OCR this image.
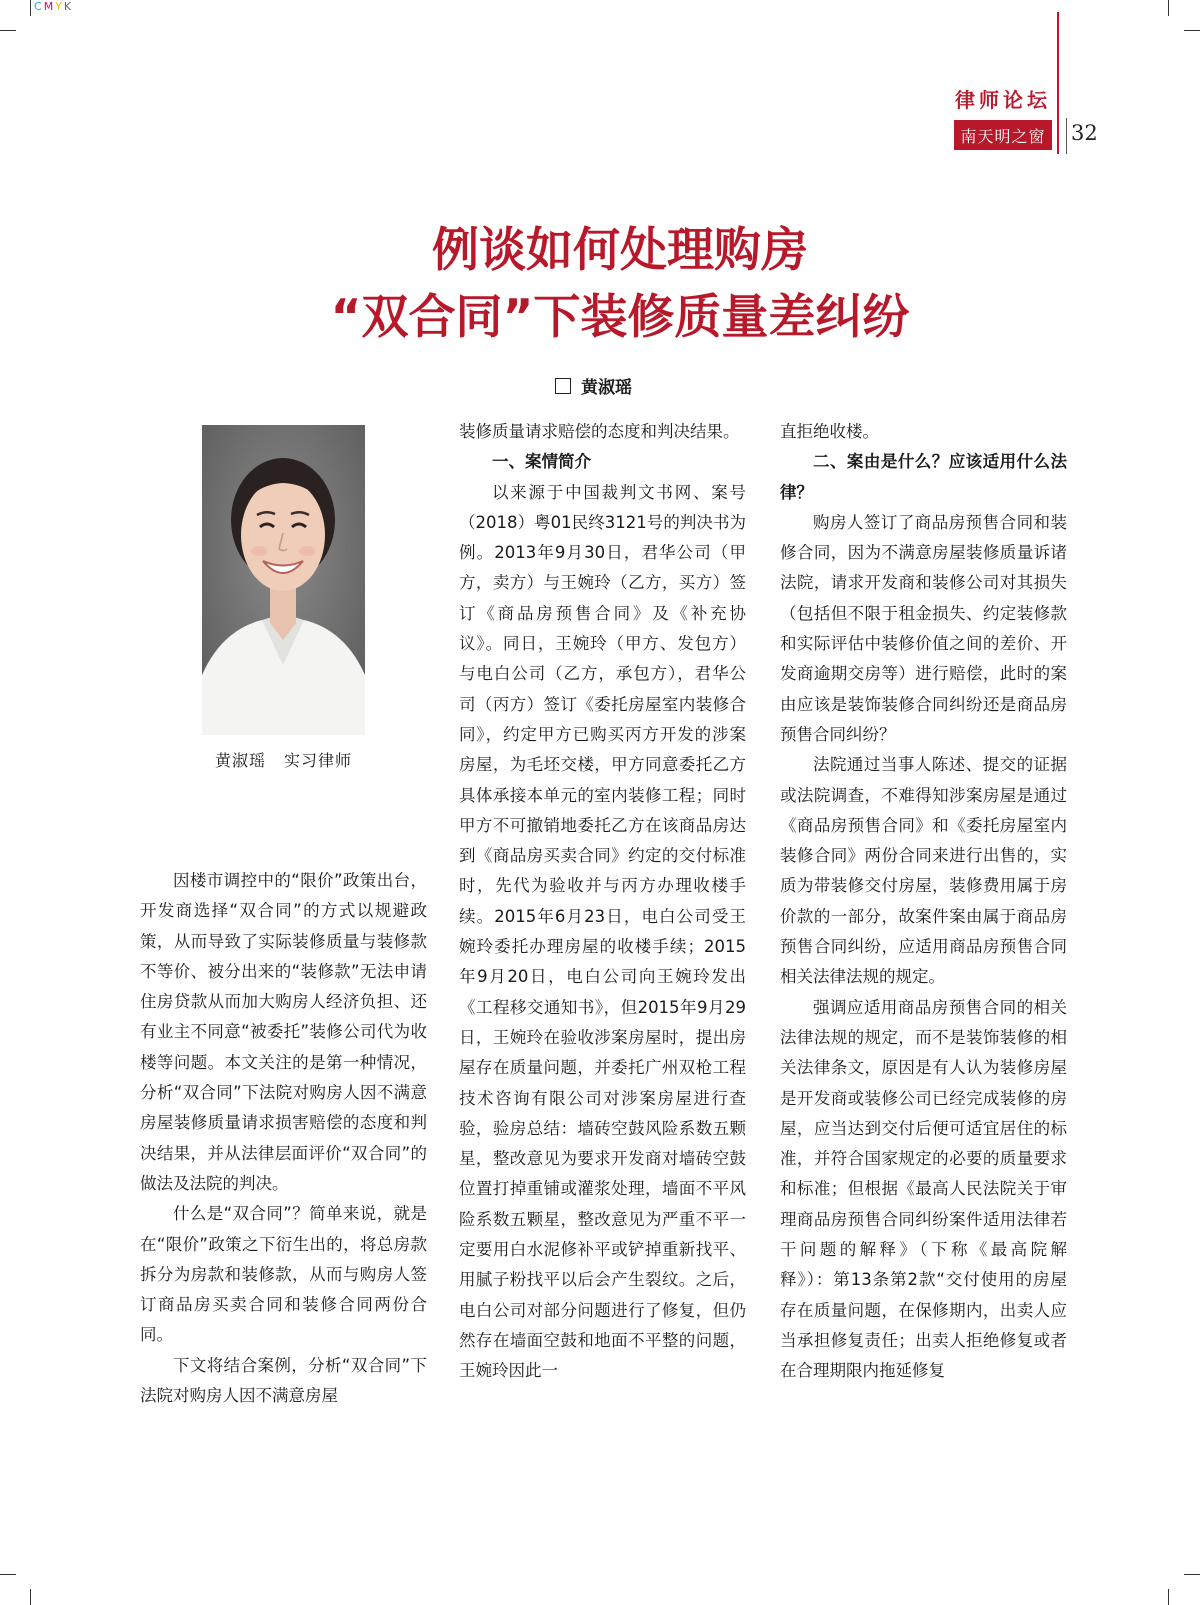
CMYK
律师论坛
南天明之窗	32
例谈如何处理购房
“双合同”下装修质量差纠纷
黄淑瑶
黄淑瑶 实习律师

因楼市调控中的“限价”政策出台，开发商选择“双合同”的方式以规避政策，从而导致了实际装修质量与装修款不等价、被分出来的“装修款”无法申请住房贷款从而加大购房人经济负担、还有业主不同意“被委托”装修公司代为收楼等问题。本文关注的是第一种情况，分析“双合同”下法院对购房人因不满意房屋装修质量请求损害赔偿的态度和判决结果，并从法律层面评价“双合同”的做法及法院的判决。

什么是“双合同”？简单来说，就是在“限价”政策之下衍生出的，将总房款拆分为房款和装修款，从而与购房人签订商品房买卖合同和装修合同两份合同。

下文将结合案例，分析“双合同”下法院对购房人因不满意房屋

装修质量请求赔偿的态度和判决结果。

一、案情简介

以来源于中国裁判文书网、案号（2018）粤01民终3121号的判决书为例。2013年9月30日，君华公司（甲方，卖方）与王婉玲（乙方，买方）签订《商品房预售合同》及《补充协议》。同日，王婉玲（甲方、发包方）与电白公司（乙方，承包方），君华公司（丙方）签订《委托房屋室内装修合同》，约定甲方已购买丙方开发的涉案房屋，为毛坯交楼，甲方同意委托乙方具体承接本单元的室内装修工程；同时甲方不可撤销地委托乙方在该商品房达到《商品房买卖合同》约定的交付标准时，先代为验收并与丙方办理收楼手续。2015年6月23日，电白公司受王婉玲委托办理房屋的收楼手续；2015年9月20日，电白公司向王婉玲发出《工程移交通知书》，但2015年9月29日，王婉玲在验收涉案房屋时，提出房屋存在质量问题，并委托广州双枪工程技术咨询有限公司对涉案房屋进行查验，验房总结：墙砖空鼓风险系数五颗星，整改意见为要求开发商对墙砖空鼓位置打掉重铺或灌浆处理，墙面不平风险系数五颗星，整改意见为严重不平一定要用白水泥修补平或铲掉重新找平、用腻子粉找平以后会产生裂纹。之后，电白公司对部分问题进行了修复，但仍然存在墙面空鼓和地面不平整的问题，王婉玲因此一

直拒绝收楼。

二、案由是什么？应该适用什么法律？

购房人签订了商品房预售合同和装修合同，因为不满意房屋装修质量诉诸法院，请求开发商和装修公司对其损失（包括但不限于租金损失、约定装修款和实际评估中装修价值之间的差价、开发商逾期交房等）进行赔偿，此时的案由应该是装饰装修合同纠纷还是商品房预售合同纠纷？

法院通过当事人陈述、提交的证据或法院调查，不难得知涉案房屋是通过《商品房预售合同》和《委托房屋室内装修合同》两份合同来进行出售的，实质为带装修交付房屋，装修费用属于房价款的一部分，故案件案由属于商品房预售合同纠纷，应适用商品房预售合同相关法律法规的规定。

强调应适用商品房预售合同的相关法律法规的规定，而不是装饰装修的相关法律条文，原因是有人认为装修房屋是开发商或装修公司已经完成装修的房屋，应当达到交付后便可适宜居住的标准，并符合国家规定的必要的质量要求和标准；但根据《最高人民法院关于审理商品房预售合同纠纷案件适用法律若干问题的解释》（下称《最高院解释》）：第13条第2款“交付使用的房屋存在质量问题，在保修期内，出卖人应当承担修复责任；出卖人拒绝修复或者在合理期限内拖延修复
